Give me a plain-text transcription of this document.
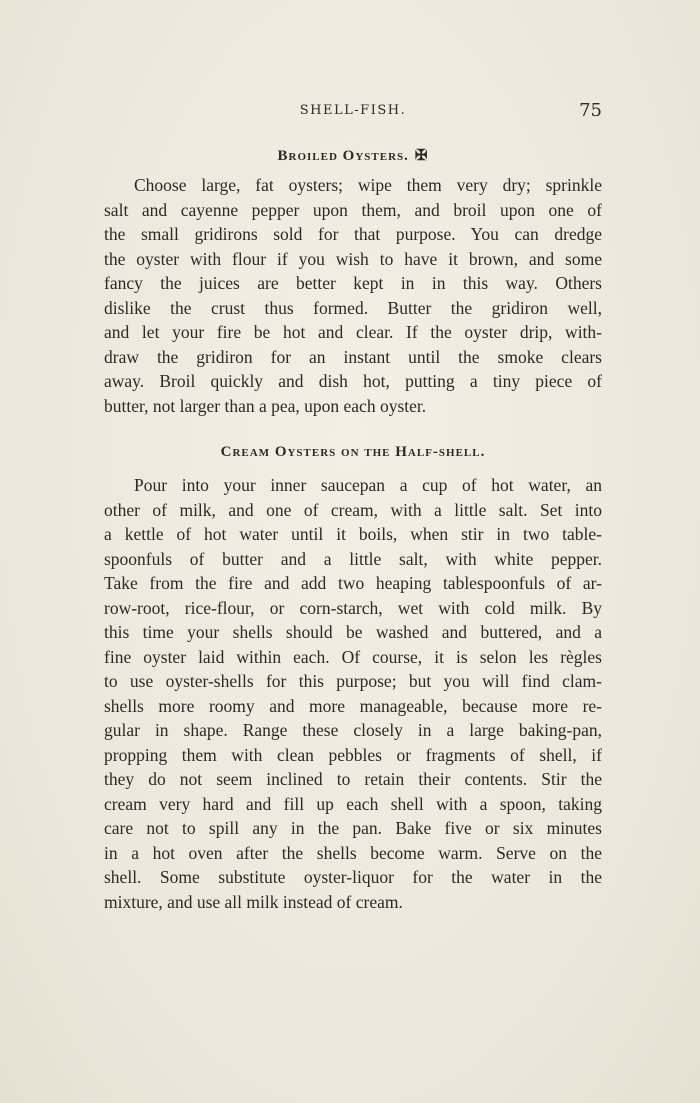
SHELL-FISH.	75
Broiled Oysters. ✠

Choose large, fat oysters; wipe them very dry; sprinkle
salt and cayenne pepper upon them, and broil upon one of
the small gridirons sold for that purpose. You can dredge
the oyster with flour if you wish to have it brown, and some
fancy the juices are better kept in in this way. Others
dislike the crust thus formed. Butter the gridiron well,
and let your fire be hot and clear. If the oyster drip, with-
draw the gridiron for an instant until the smoke clears
away. Broil quickly and dish hot, putting a tiny piece of
butter, not larger than a pea, upon each oyster.

Cream Oysters on the Half-shell.

Pour into your inner saucepan a cup of hot water, an
other of milk, and one of cream, with a little salt. Set into
a kettle of hot water until it boils, when stir in two table-
spoonfuls of butter and a little salt, with white pepper.
Take from the fire and add two heaping tablespoonfuls of ar-
row-root, rice-flour, or corn-starch, wet with cold milk. By
this time your shells should be washed and buttered, and a
fine oyster laid within each. Of course, it is selon les règles
to use oyster-shells for this purpose; but you will find clam-
shells more roomy and more manageable, because more re-
gular in shape. Range these closely in a large baking-pan,
propping them with clean pebbles or fragments of shell, if
they do not seem inclined to retain their contents. Stir the
cream very hard and fill up each shell with a spoon, taking
care not to spill any in the pan. Bake five or six minutes
in a hot oven after the shells become warm. Serve on the
shell. Some substitute oyster-liquor for the water in the
mixture, and use all milk instead of cream.
